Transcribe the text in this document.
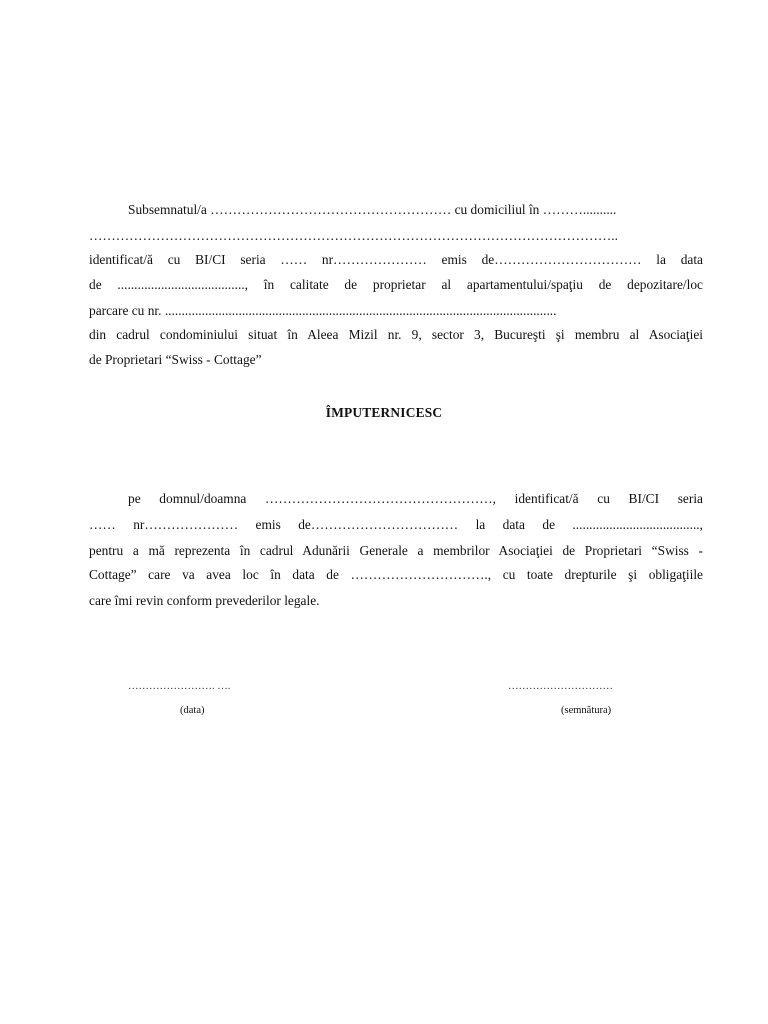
Subsemnatul/a ……………………………………………… cu domiciliul în ………..........
………………………………………………………………………………………………………..
identificat/ă cu BI/CI seria …… nr………………… emis de…………………………… la data
de ......................................, în calitate de proprietar al apartamentului/spaţiu de depozitare/loc
parcare cu nr. .....................................................................................................................
din cadrul condominiului situat în Aleea Mizil nr. 9, sector 3, Bucureşti şi membru al Asociaţiei
de Proprietari “Swiss - Cottage”
ÎMPUTERNICESC
pe domnul/doamna ……………………………………………, identificat/ă cu BI/CI seria
…… nr………………… emis de…………………………… la data de ......................................,
pentru a mă reprezenta în cadrul Adunării Generale a membrilor Asociaţiei de Proprietari “Swiss -
Cottage” care va avea loc în data de …………………………., cu toate drepturile şi obligaţiile
care îmi revin conform prevederilor legale.
……………………. ….
(data)
…………………………
(semnătura)
